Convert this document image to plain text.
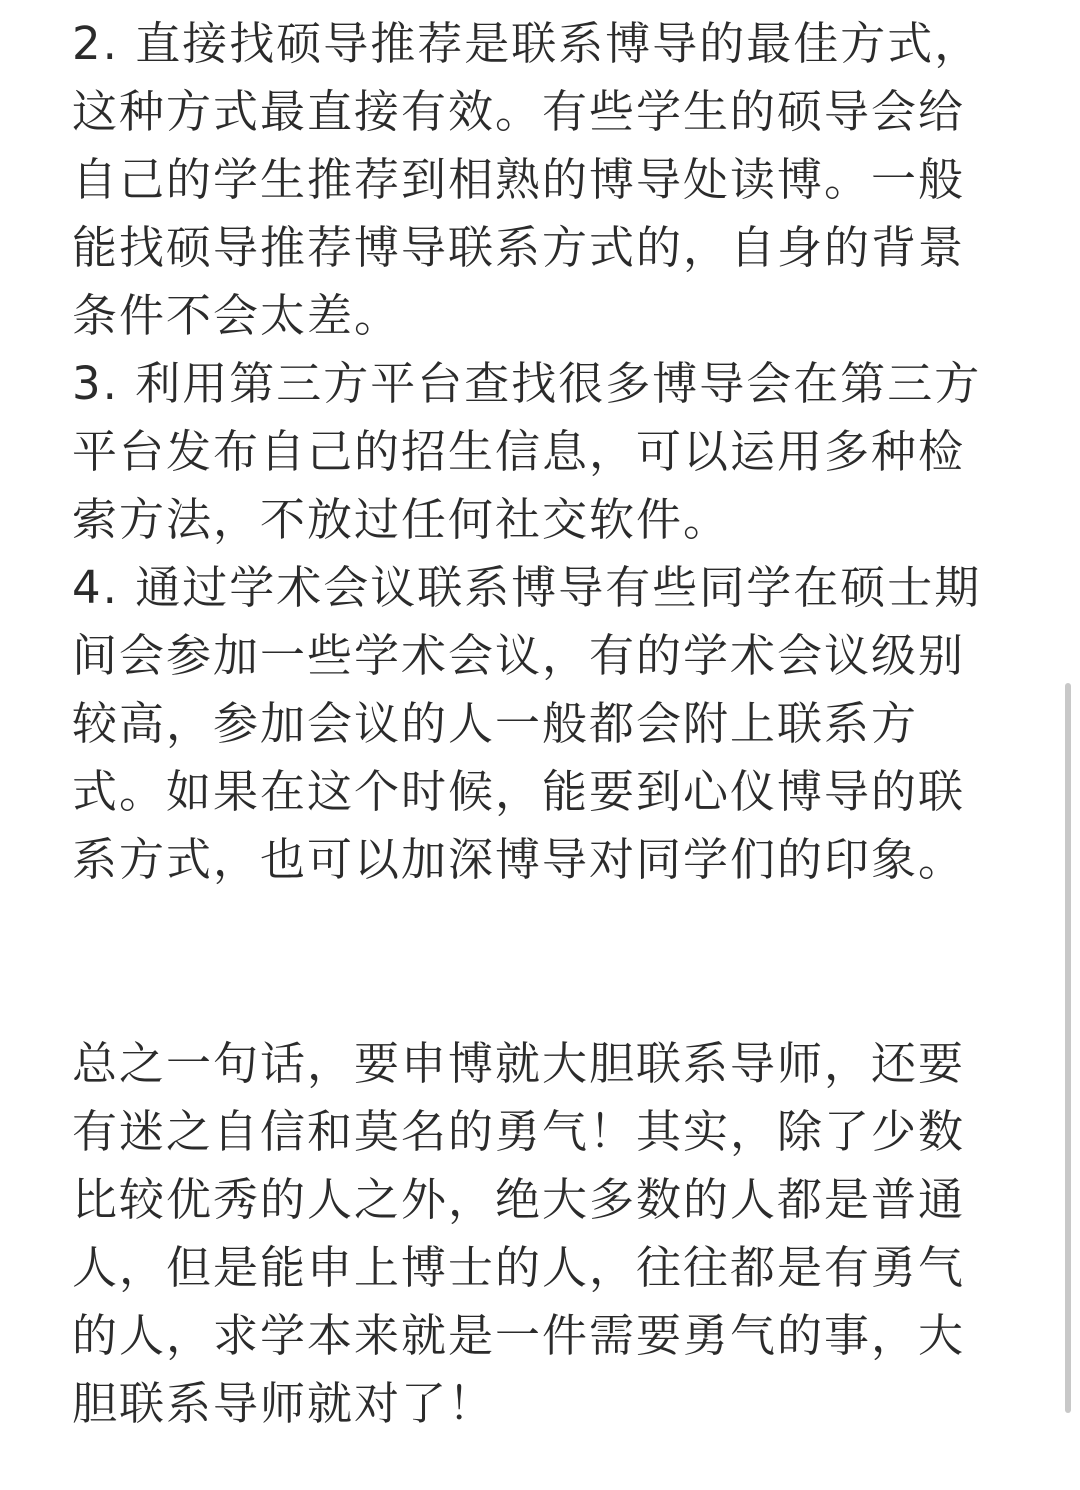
2. 直接找硕导推荐是联系博导的最佳方式，
这种方式最直接有效。有些学生的硕导会给
自己的学生推荐到相熟的博导处读博。一般
能找硕导推荐博导联系方式的，自身的背景
条件不会太差。
3. 利用第三方平台查找很多博导会在第三方
平台发布自己的招生信息，可以运用多种检
索方法，不放过任何社交软件。
4. 通过学术会议联系博导有些同学在硕士期
间会参加一些学术会议，有的学术会议级别
较高，参加会议的人一般都会附上联系方
式。如果在这个时候，能要到心仪博导的联
系方式，也可以加深博导对同学们的印象。

总之一句话，要申博就大胆联系导师，还要
有迷之自信和莫名的勇气！其实，除了少数
比较优秀的人之外，绝大多数的人都是普通
人，但是能申上博士的人，往往都是有勇气
的人，求学本来就是一件需要勇气的事，大
胆联系导师就对了！
